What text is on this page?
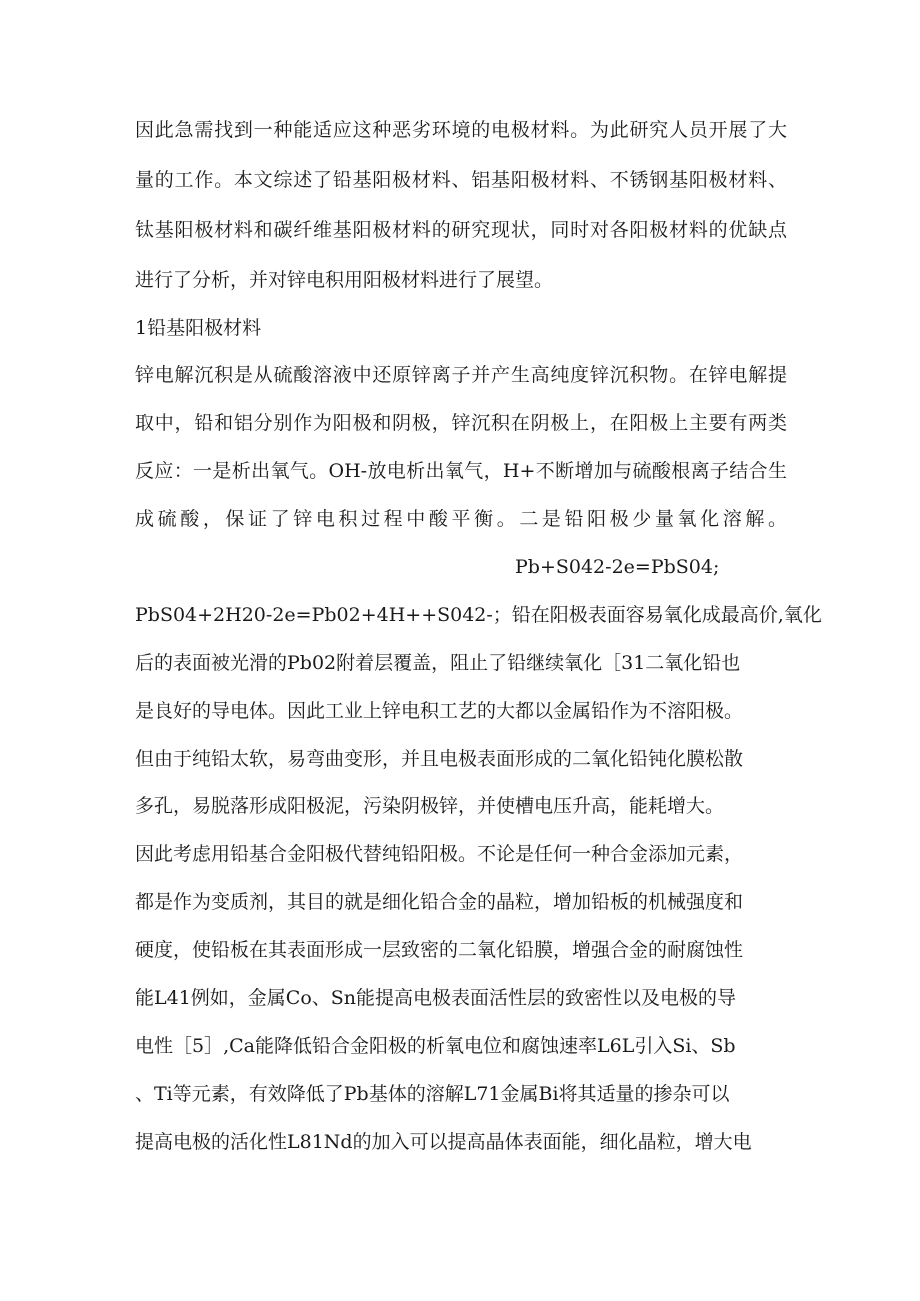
因此急需找到一种能适应这种恶劣环境的电极材料。为此研究人员开展了大
量的工作。本文综述了铅基阳极材料、铝基阳极材料、不锈钢基阳极材料、
钛基阳极材料和碳纤维基阳极材料的研究现状，同时对各阳极材料的优缺点
进行了分析，并对锌电积用阳极材料进行了展望。
1铅基阳极材料
锌电解沉积是从硫酸溶液中还原锌离子并产生高纯度锌沉积物。在锌电解提
取中，铅和铝分别作为阳极和阴极，锌沉积在阴极上，在阳极上主要有两类
反应：一是析出氧气。OH-放电析出氧气，H+不断增加与硫酸根离子结合生
成硫酸，保证了锌电积过程中酸平衡。二是铅阳极少量氧化溶解。
Pb+S042-2e=PbS04;
PbS04+2H20-2e=Pb02+4H++S042-；铅在阳极表面容易氧化成最高价,氧化
后的表面被光滑的Pb02附着层覆盖，阻止了铅继续氧化［31二氧化铅也
是良好的导电体。因此工业上锌电积工艺的大都以金属铅作为不溶阳极。
但由于纯铅太软，易弯曲变形，并且电极表面形成的二氧化铅钝化膜松散
多孔，易脱落形成阳极泥，污染阴极锌，并使槽电压升高，能耗增大。
因此考虑用铅基合金阳极代替纯铅阳极。不论是任何一种合金添加元素，
都是作为变质剂，其目的就是细化铅合金的晶粒，增加铅板的机械强度和
硬度，使铅板在其表面形成一层致密的二氧化铅膜，增强合金的耐腐蚀性
能L41例如，金属Co、Sn能提高电极表面活性层的致密性以及电极的导
电性［5］,Ca能降低铅合金阳极的析氧电位和腐蚀速率L6L引入Si、Sb
、Ti等元素，有效降低了Pb基体的溶解L71金属Bi将其适量的掺杂可以
提高电极的活化性L81Nd的加入可以提高晶体表面能，细化晶粒，增大电
